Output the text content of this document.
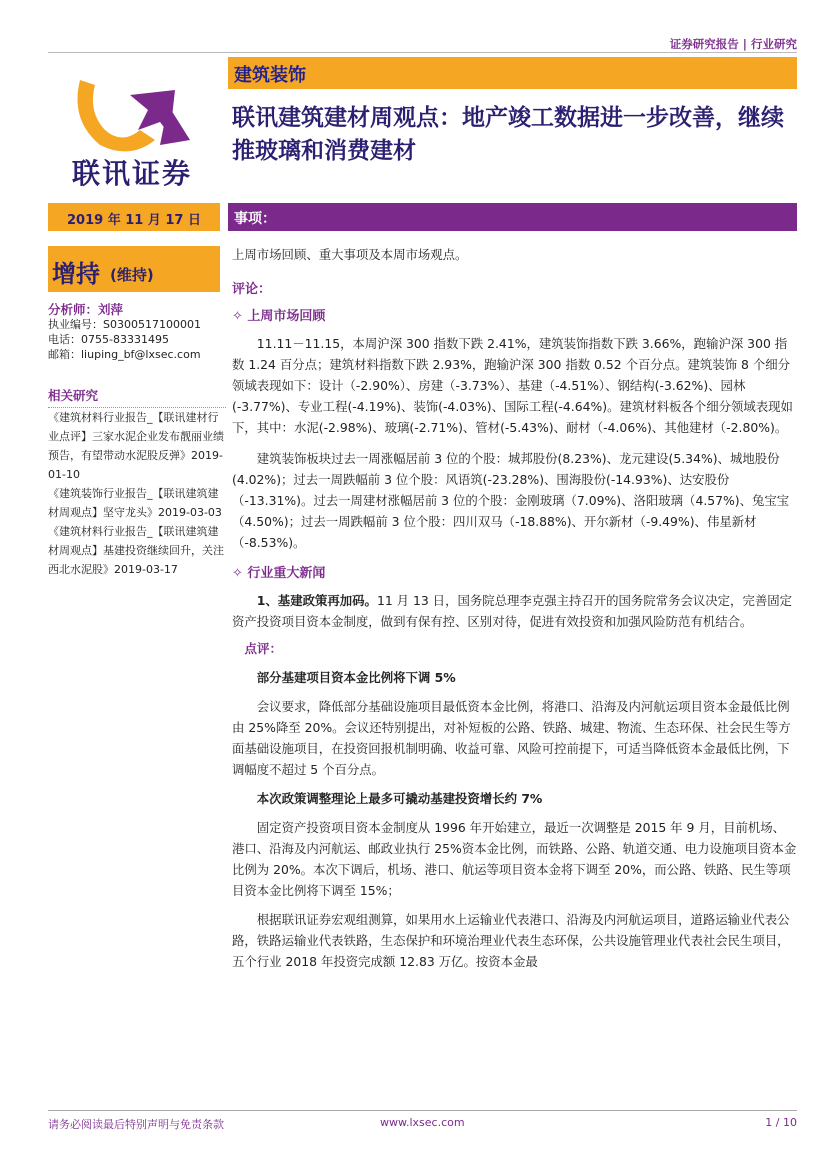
证券研究报告 | 行业研究
联讯证券
建筑装饰
联讯建筑建材周观点：地产竣工数据进一步改善，继续推玻璃和消费建材
2019 年 11 月 17 日	事项：
增持 (维持)
分析师：刘萍
执业编号：S0300517100001
电话：0755-83331495
邮箱：liuping_bf@lxsec.com
相关研究
《建筑材料行业报告_【联讯建材行业点评】三家水泥企业发布靓丽业绩预告，有望带动水泥股反弹》2019-01-10
《建筑装饰行业报告_【联讯建筑建材周观点】坚守龙头》2019-03-03
《建筑材料行业报告_【联讯建筑建材周观点】基建投资继续回升，关注西北水泥股》2019-03-17

上周市场回顾、重大事项及本周市场观点。

评论：

✧ 上周市场回顾

11.11－11.15，本周沪深 300 指数下跌 2.41%，建筑装饰指数下跌 3.66%，跑输沪深 300 指数 1.24 百分点；建筑材料指数下跌 2.93%，跑输沪深 300 指数 0.52 个百分点。建筑装饰 8 个细分领域表现如下：设计（-2.90%）、房建（-3.73%）、基建（-4.51%）、钢结构(-3.62%)、园林(-3.77%)、专业工程(-4.19%)、装饰(-4.03%)、国际工程(-4.64%)。建筑材料板各个细分领域表现如下，其中：水泥(-2.98%)、玻璃(-2.71%)、管材(-5.43%)、耐材（-4.06%)、其他建材（-2.80%)。

建筑装饰板块过去一周涨幅居前 3 位的个股：城邦股份(8.23%)、龙元建设(5.34%)、城地股份(4.02%)；过去一周跌幅前 3 位个股：风语筑(-23.28%)、围海股份(-14.93%)、达安股份（-13.31%)。过去一周建材涨幅居前 3 位的个股：金刚玻璃（7.09%)、洛阳玻璃（4.57%)、兔宝宝（4.50%)；过去一周跌幅前 3 位个股：四川双马（-18.88%)、开尔新材（-9.49%)、伟星新材（-8.53%)。

✧ 行业重大新闻

1、基建政策再加码。11 月 13 日，国务院总理李克强主持召开的国务院常务会议决定，完善固定资产投资项目资本金制度，做到有保有控、区别对待，促进有效投资和加强风险防范有机结合。

点评：

部分基建项目资本金比例将下调 5%

会议要求，降低部分基础设施项目最低资本金比例，将港口、沿海及内河航运项目资本金最低比例由 25%降至 20%。会议还特别提出，对补短板的公路、铁路、城建、物流、生态环保、社会民生等方面基础设施项目，在投资回报机制明确、收益可靠、风险可控前提下，可适当降低资本金最低比例，下调幅度不超过 5 个百分点。

本次政策调整理论上最多可撬动基建投资增长约 7%

固定资产投资项目资本金制度从 1996 年开始建立，最近一次调整是 2015 年 9 月，目前机场、港口、沿海及内河航运、邮政业执行 25%资本金比例，而铁路、公路、轨道交通、电力设施项目资本金比例为 20%。本次下调后，机场、港口、航运等项目资本金将下调至 20%，而公路、铁路、民生等项目资本金比例将下调至 15%；

根据联讯证券宏观组测算，如果用水上运输业代表港口、沿海及内河航运项目，道路运输业代表公路，铁路运输业代表铁路，生态保护和环境治理业代表生态环保，公共设施管理业代表社会民生项目，五个行业 2018 年投资完成额 12.83 万亿。按资本金最

请务必阅读最后特别声明与免责条款	www.lxsec.com	1 / 10
